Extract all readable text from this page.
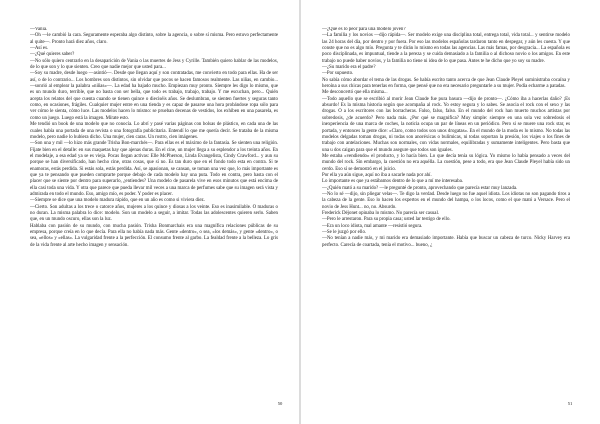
—Vania.

—Oh —le cambió la cara. Seguramente esperaba algo distinto, sobre la agencia, o sobre sí misma. Pero estuvo perfectamente al quite—. Pronto hará diez años, claro.

—Así es.

—¿Qué quieres saber?

—No sólo quiero centrarlo en la desaparición de Vania o las muertes de Jess y Cyrille. También quiero hablar de las modelos, de lo que son y lo que sienten. Creo que nadie mejor que usted para...

—Soy su madre, desde luego —asintió—. Desde que llegan aquí y son contratadas, me convierto en todo para ellas. Ha de ser así, o de lo contrario... Los hombres son distintos, sin olvidar que pocos se hacen famosos realmente. Las niñas, en cambio... —sonrió al emplear la palabra «niñas»—. La edad ha bajado mucho. Empiezan muy pronto. Siempre les digo lo mismo, que es un mundo duro, terrible, que no basta con ser bella, que todo es trabajo, trabajo, trabajo. Y me escuchan, pero... Quién acepta los relatos del que cuenta cuando se tienen quince o dieciséis años. Se deslumbran, se sienten fuertes y seguras tanto como, en ocasiones, frágiles. Cualquier mujer entre en una tienda y es capaz de pasarse una hora probándose ropa sólo para ver cómo le sienta, cómo luce. Las modelos hacen lo mismo: se prueban decenas de vestidos, los exhiben en una pasarela, es como un juego. Luego está la imagen. Mírate esto.

Me tendió un book de una modelo que no conocía. Lo abrí y pasé varias páginas con bolsas de plástico, en cada una de las cuales había una portada de una revista o una fotografía publicitaria. Entendí lo que me quería decir. Se trataba de la misma modelo, pero nadie lo hubiera dicho. Una mujer, cien caras. Un rostro, cien imágenes.

—Son una y mil —lo hizo más grande Trisha Bon-marchés—. Para ellas es el máximo de la fantasía. Se sienten una religión. Fíjate bien en el detalle: en sus maquetas hay que ajenas duras. En el cine, un mujer llega a su esplendor a los treinta años. En el modelaje, a esa edad ya se es vieja. Pocas llegan activas: Elle McPherson, Linda Evangelista, Cindy Crawford... y aun su porque se han diversificado, han hecho cine, otras cosas, que sí no. Es tan duro que en el fondo todo esta en contra. Si te enamoras, estás perdida. Si estás sola, estás perdida. Así, se apasionan, se cansan, se toman una vez que, lo más importante es que ya te pensando que pueden comprarte porque debajo de cada modelo hay una puta. Todo en contra, pero hasta con el placer que se siente por dentro para superarlo, ¿entiendes? Una modelo de pasarela vive en esos minutos que está encima de ella casi toda una vida. Y otra que parece que pueda llevar mil veces a una marca de perfumes sabe que su imagen será vista y admirada en todo el mundo. Eso, amigo mío, es poder. Y poder es placer.

—Siempre se dice que una modelo madura rápido, que en un año es como si viviera diez.

—Cierto. Son adultas a los trece o catorce años, mujeres a los quince y diosas a los veinte. Eso es inasimilable. O maduras o no duran. La misma palabra lo dice: modelo. Son un modelo a seguir, a imitar. Todas las adolescentes quieren serlo. Saben que, en un mundo oscuro, ellas son la luz.

Hablaba con pasión de su mundo, con mucha pasión. Trisha Bonmarchais era una magnífica relaciones públicas de su empresa, porque creía en lo que decía. Para ella no había nada más. Gente «dentro», o sea, «los demás», y gente «dentro», o sea, «ellos» y «ellas». La vulgaridad frente a la perfección. El consumo frente al garbo. La fealdad frente a la belleza. Lo gris de la vida frente al arte hecho imagen y sensación.

50

—¿Qué es lo peor para una modelo joven?

—La familia y los novios —dijo rápida—. Ser modelo exige una disciplina total, entrega total, vida total... y sentirse modelo las 24 horas del día, por dentro y por fuera. Por eso las modelos españolas tardaron tanto en despegar, y aún les cuesta. Y que conste que no es algo mío. Pregunta y te dirán lo mismo en todas las agencias. Las más famas, por desgracia... La española es poco disciplinada, es impuntual, tiende a la pereza y se cuida demasiado a la familia o al dichoso novio o los amigos. En este trabajo no puede haber novios, y la familia no tiene ni idea de lo que pasa. Antes te he dicho que yo soy su madre.

—¿Su marido era el padre?

—Por supuesto.

No sabía cómo abordar el tema de las drogas. Se había escrito tanto acerca de que Jean Claude Pleyel suministraba cocaína y heroína a sus chicas para tenerlas en forma, que pensé que no era necesario preguntarle a su mujer. Podía echarme a patadas.

Me desconcertó que ella misma...

—Todo aquello que se escribió al morir Jean Claude fue pura basura —dijo de pronto—. ¿Cómo iba a hacerlas daño? ¡Es absurdo! Es la misma historia según que acompaña al rock. Yo estoy segura y lo sabes. Se asocia el rock con el sexo y las drogas. O a los escritores con las borracheras. Falso, falso, falso. En el mundo del rock han muerto muchos artistas por sobredosis, ¿de acuerdo? Pero nada más. ¿Por qué se magnifica? Muy simple: siempre en una sola vez sobredosis el inexperiencia de una marca de coches, la noticia ocupa un par de líneas en un periódico. Pero si se muere una rock star, es portada, y entonces la gente dice: «Claro, como todos son unos drogatas». En el mundo de la moda es lo mismo. No todas las modelos delgadas toman drogas, ni todas son anoréxicas o bulímicas, ni todas soportan la presión, los viajes o los fines de trabajo con antelaciones. Muchas son normales, con vidas normales, equilibradas y sumamente inteligentes. Pero basta que una u dos caigan para que el mundo asegure que todos son iguales.

Me estaba «vendiendo» el producto, y lo hacía bien. Lo que decía tenía su lógica. Yo mismo lo había pensado a veces del mundo del rock. Sin embargo, la cuestión no era aquélla. La cuestión, pese a todo, era que Jean Claude Pleyel había sido un cerdo. Eso sí se demostró en el juicio.

Por ella ya aún sigue, aquí no iba a sacarle nada por ahí.

Lo importante es que ya estábamos dentro de lo que a mí me interesaba.

—¿Quién mató a su marido? —le pregunté de pronto, aprovechando que parecía estar muy lanzada.

—No lo sé —dijo, sin pliegar velas—. Te digo la verdad. Desde luego no fue aquel idiota. Los idiotas no son pagando tiros a la cabeza de la gente. Eso lo hacen los expertos en el mundo del hampa, o los locos, como el que mató a Versace. Pero el novio de Jess Hunt... no, no. Absurdo.

Frederick Déjonet opinaba lo mismo. No parecía ser casual.

—Pero le arrestaron. Para su propia casa; usted lar testigo de ello.

—Era un loco idiota, mal amante —resistió segura.

—Se le juzgó por ello.

—No tenían a nadie más, y mi marido era demasiado importante. Había que buscar un cabeza de turco. Nicky Harvey era perfecto. Carecía de coartada, tenía el motivo... bueno, ¿

51
